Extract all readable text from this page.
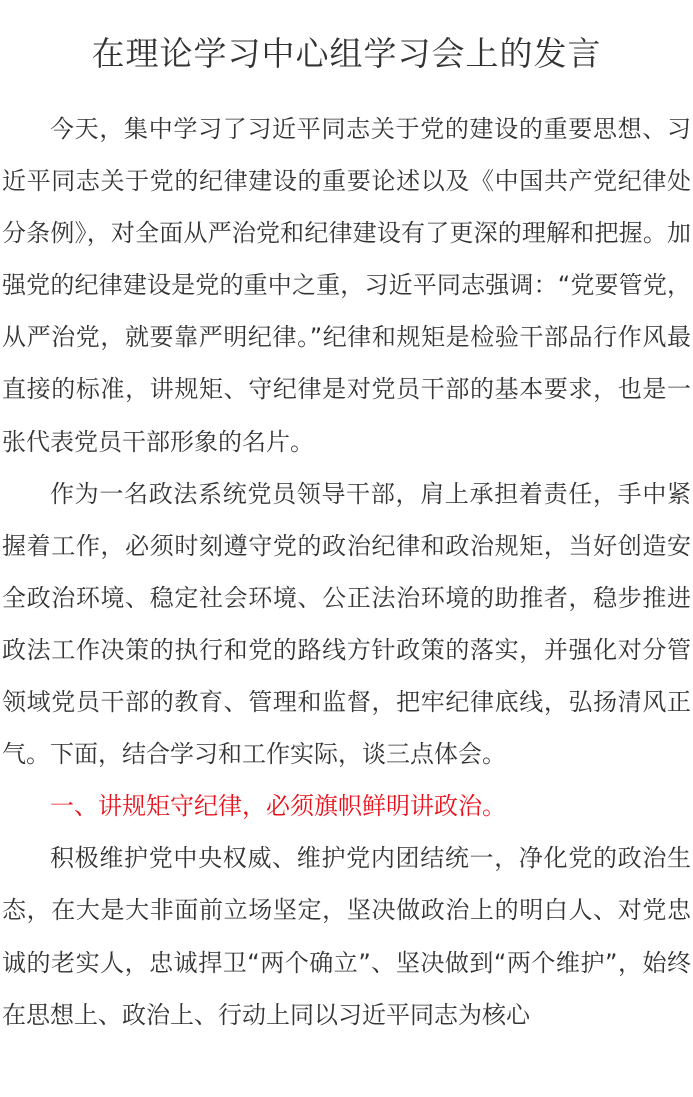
在理论学习中心组学习会上的发言

今天，集中学习了习近平同志关于党的建设的重要思想、习近平同志关于党的纪律建设的重要论述以及《中国共产党纪律处分条例》，对全面从严治党和纪律建设有了更深的理解和把握。加强党的纪律建设是党的重中之重，习近平同志强调：“党要管党，从严治党，就要靠严明纪律。”纪律和规矩是检验干部品行作风最直接的标准，讲规矩、守纪律是对党员干部的基本要求，也是一张代表党员干部形象的名片。

作为一名政法系统党员领导干部，肩上承担着责任，手中紧握着工作，必须时刻遵守党的政治纪律和政治规矩，当好创造安全政治环境、稳定社会环境、公正法治环境的助推者，稳步推进政法工作决策的执行和党的路线方针政策的落实，并强化对分管领域党员干部的教育、管理和监督，把牢纪律底线，弘扬清风正气。下面，结合学习和工作实际，谈三点体会。

一、讲规矩守纪律，必须旗帜鲜明讲政治。

积极维护党中央权威、维护党内团结统一，净化党的政治生态，在大是大非面前立场坚定，坚决做政治上的明白人、对党忠诚的老实人，忠诚捍卫“两个确立”、坚决做到“两个维护”，始终在思想上、政治上、行动上同以习近平同志为核心
